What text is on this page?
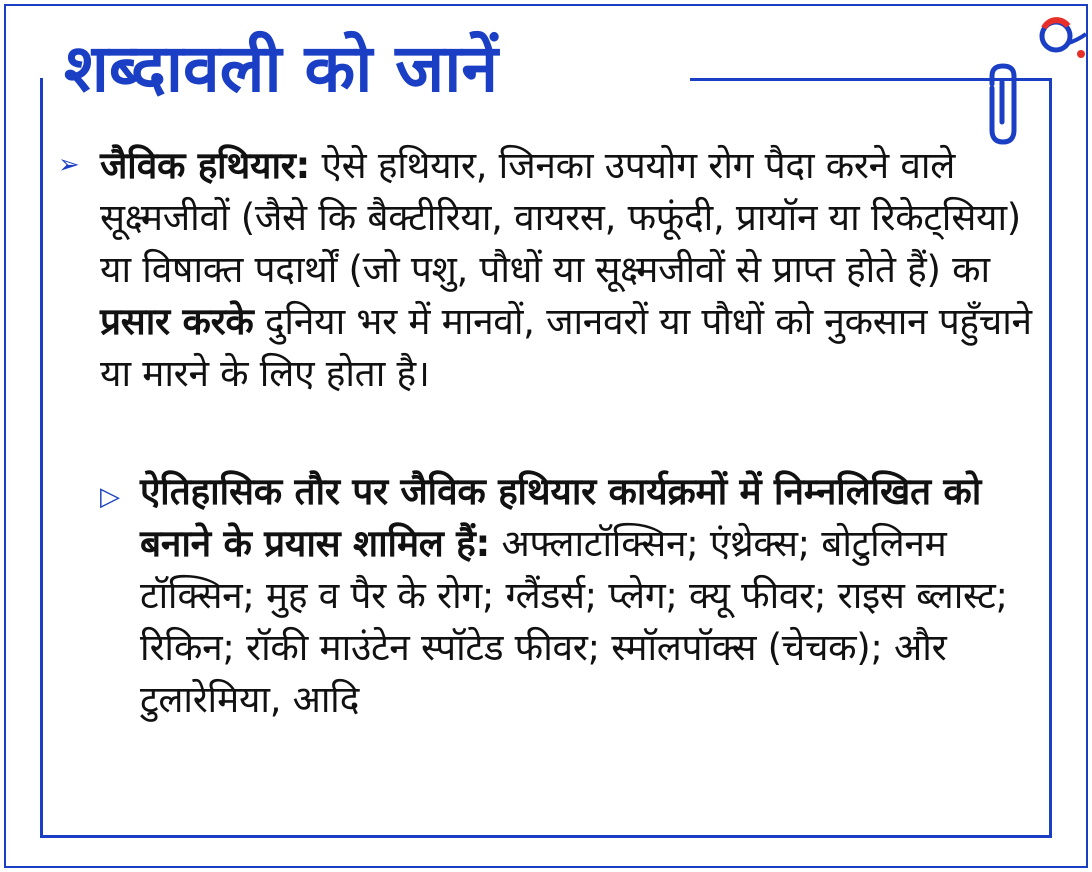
शब्दावली को जानें
➢ जैविक हथियार: ऐसे हथियार, जिनका उपयोग रोग पैदा करने वाले सूक्ष्मजीवों (जैसे कि बैक्टीरिया, वायरस, फफूंदी, प्रायॉन या रिकेट्सिया) या विषाक्त पदार्थों (जो पशु, पौधों या सूक्ष्मजीवों से प्राप्त होते हैं) का प्रसार करके दुनिया भर में मानवों, जानवरों या पौधों को नुकसान पहुँचाने या मारने के लिए होता है।

▷ ऐतिहासिक तौर पर जैविक हथियार कार्यक्रमों में निम्नलिखित को बनाने के प्रयास शामिल हैं: अफ्लाटॉक्सिन; एंथ्रेक्स; बोटुलिनम टॉक्सिन; मुह व पैर के रोग; ग्लैंडर्स; प्लेग; क्यू फीवर; राइस ब्लास्ट; रिकिन; रॉकी माउंटेन स्पॉटेड फीवर; स्मॉलपॉक्स (चेचक); और टुलारेमिया, आदि
